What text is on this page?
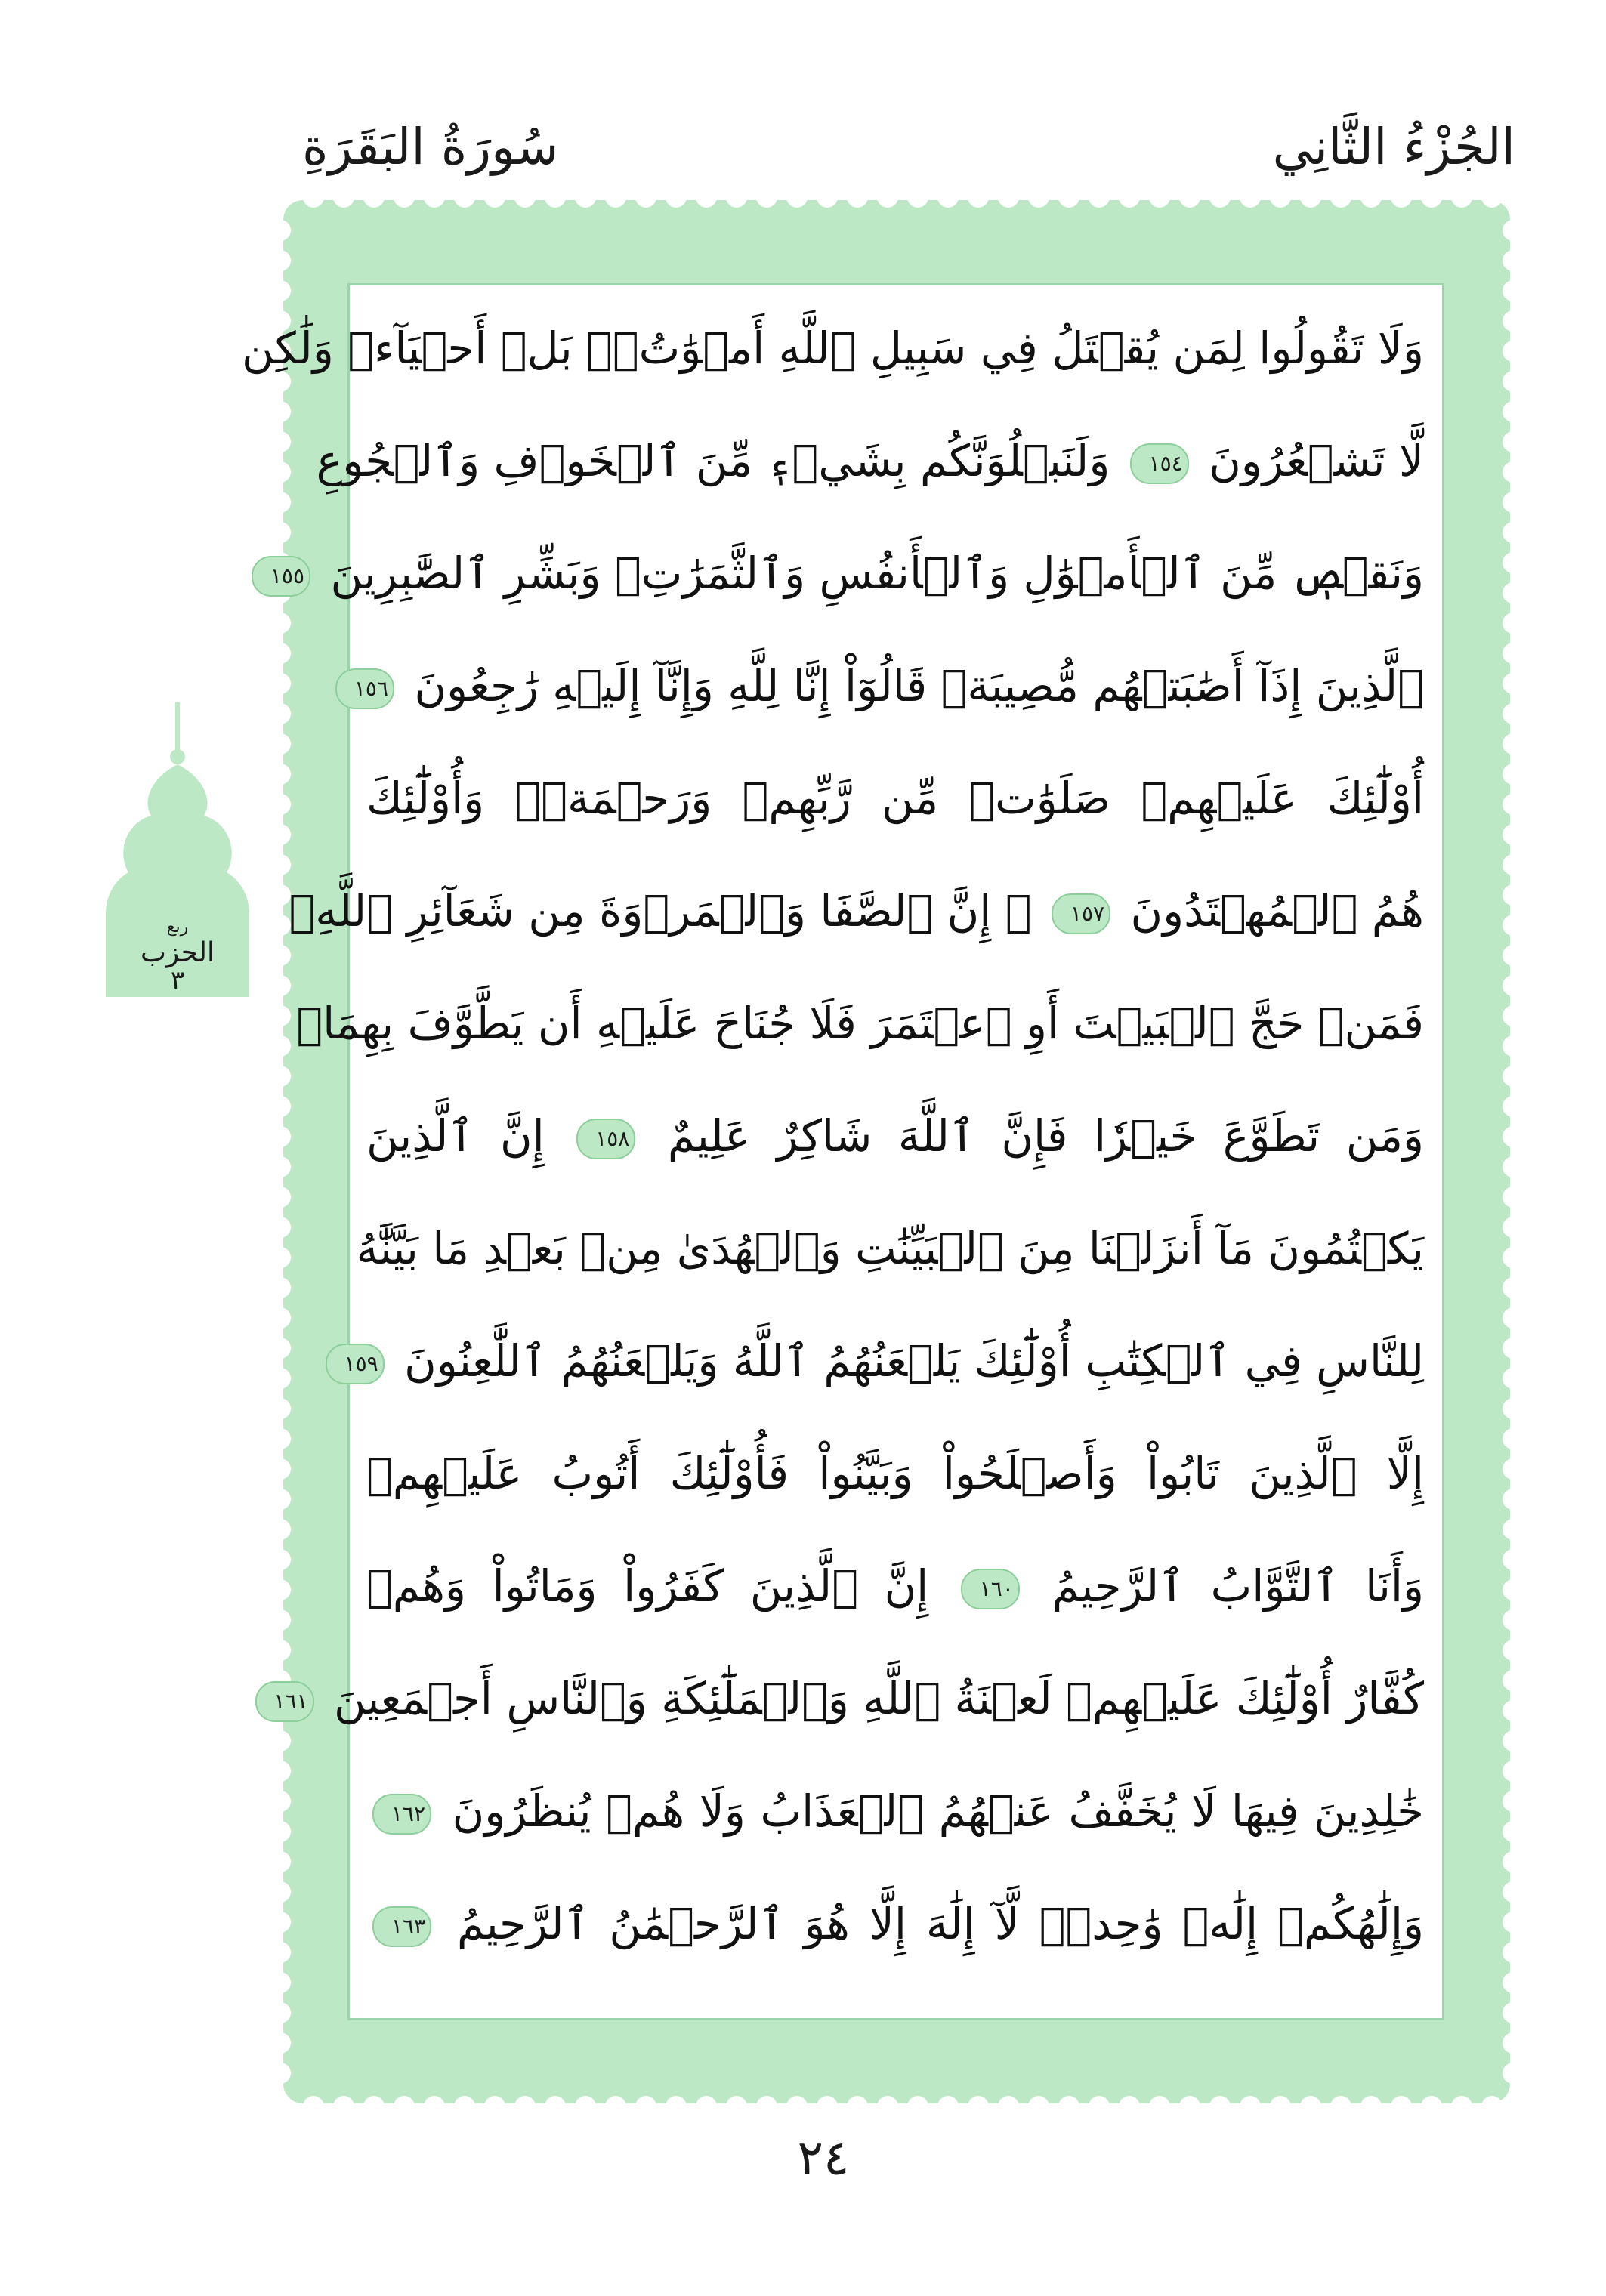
الجُزْءُ الثَّانِي
سُورَةُ البَقَرَةِ
وَلَا تَقُولُوا لِمَن يُقۡتَلُ فِي سَبِيلِ ٱللَّهِ أَمۡوَٰتُۢۚ بَلۡ أَحۡيَآءٞ وَلَٰكِن
لَّا تَشۡعُرُونَ ١٥٤ وَلَنَبۡلُوَنَّكُم بِشَيۡءٖ مِّنَ ٱلۡخَوۡفِ وَٱلۡجُوعِ
وَنَقۡصٖ مِّنَ ٱلۡأَمۡوَٰلِ وَٱلۡأَنفُسِ وَٱلثَّمَرَٰتِۗ وَبَشِّرِ ٱلصَّٰبِرِينَ ١٥٥
ٱلَّذِينَ إِذَآ أَصَٰبَتۡهُم مُّصِيبَةٞ قَالُوٓاْ إِنَّا لِلَّهِ وَإِنَّآ إِلَيۡهِ رَٰجِعُونَ ١٥٦
أُوْلَٰٓئِكَ عَلَيۡهِمۡ صَلَوَٰتٞ مِّن رَّبِّهِمۡ وَرَحۡمَةٞۖ وَأُوْلَٰٓئِكَ
هُمُ ٱلۡمُهۡتَدُونَ ١٥٧ ۞ إِنَّ ٱلصَّفَا وَٱلۡمَرۡوَةَ مِن شَعَآئِرِ ٱللَّهِۖ
فَمَنۡ حَجَّ ٱلۡبَيۡتَ أَوِ ٱعۡتَمَرَ فَلَا جُنَاحَ عَلَيۡهِ أَن يَطَّوَّفَ بِهِمَاۚ
وَمَن تَطَوَّعَ خَيۡرٗا فَإِنَّ ٱللَّهَ شَاكِرٌ عَلِيمٌ ١٥٨ إِنَّ ٱلَّذِينَ
يَكۡتُمُونَ مَآ أَنزَلۡنَا مِنَ ٱلۡبَيِّنَٰتِ وَٱلۡهُدَىٰ مِنۢ بَعۡدِ مَا بَيَّنَّٰهُ
لِلنَّاسِ فِي ٱلۡكِتَٰبِ أُوْلَٰٓئِكَ يَلۡعَنُهُمُ ٱللَّهُ وَيَلۡعَنُهُمُ ٱللَّٰعِنُونَ ١٥٩
إِلَّا ٱلَّذِينَ تَابُواْ وَأَصۡلَحُواْ وَبَيَّنُواْ فَأُوْلَٰٓئِكَ أَتُوبُ عَلَيۡهِمۡ
وَأَنَا ٱلتَّوَّابُ ٱلرَّحِيمُ ١٦٠ إِنَّ ٱلَّذِينَ كَفَرُواْ وَمَاتُواْ وَهُمۡ
كُفَّارٌ أُوْلَٰٓئِكَ عَلَيۡهِمۡ لَعۡنَةُ ٱللَّهِ وَٱلۡمَلَٰٓئِكَةِ وَٱلنَّاسِ أَجۡمَعِينَ ١٦١
خَٰلِدِينَ فِيهَا لَا يُخَفَّفُ عَنۡهُمُ ٱلۡعَذَابُ وَلَا هُمۡ يُنظَرُونَ ١٦٢
وَإِلَٰهُكُمۡ إِلَٰهٞ وَٰحِدٞۖ لَّآ إِلَٰهَ إِلَّا هُوَ ٱلرَّحۡمَٰنُ ٱلرَّحِيمُ ١٦٣
ربع
الحزب
٣
٢٤
